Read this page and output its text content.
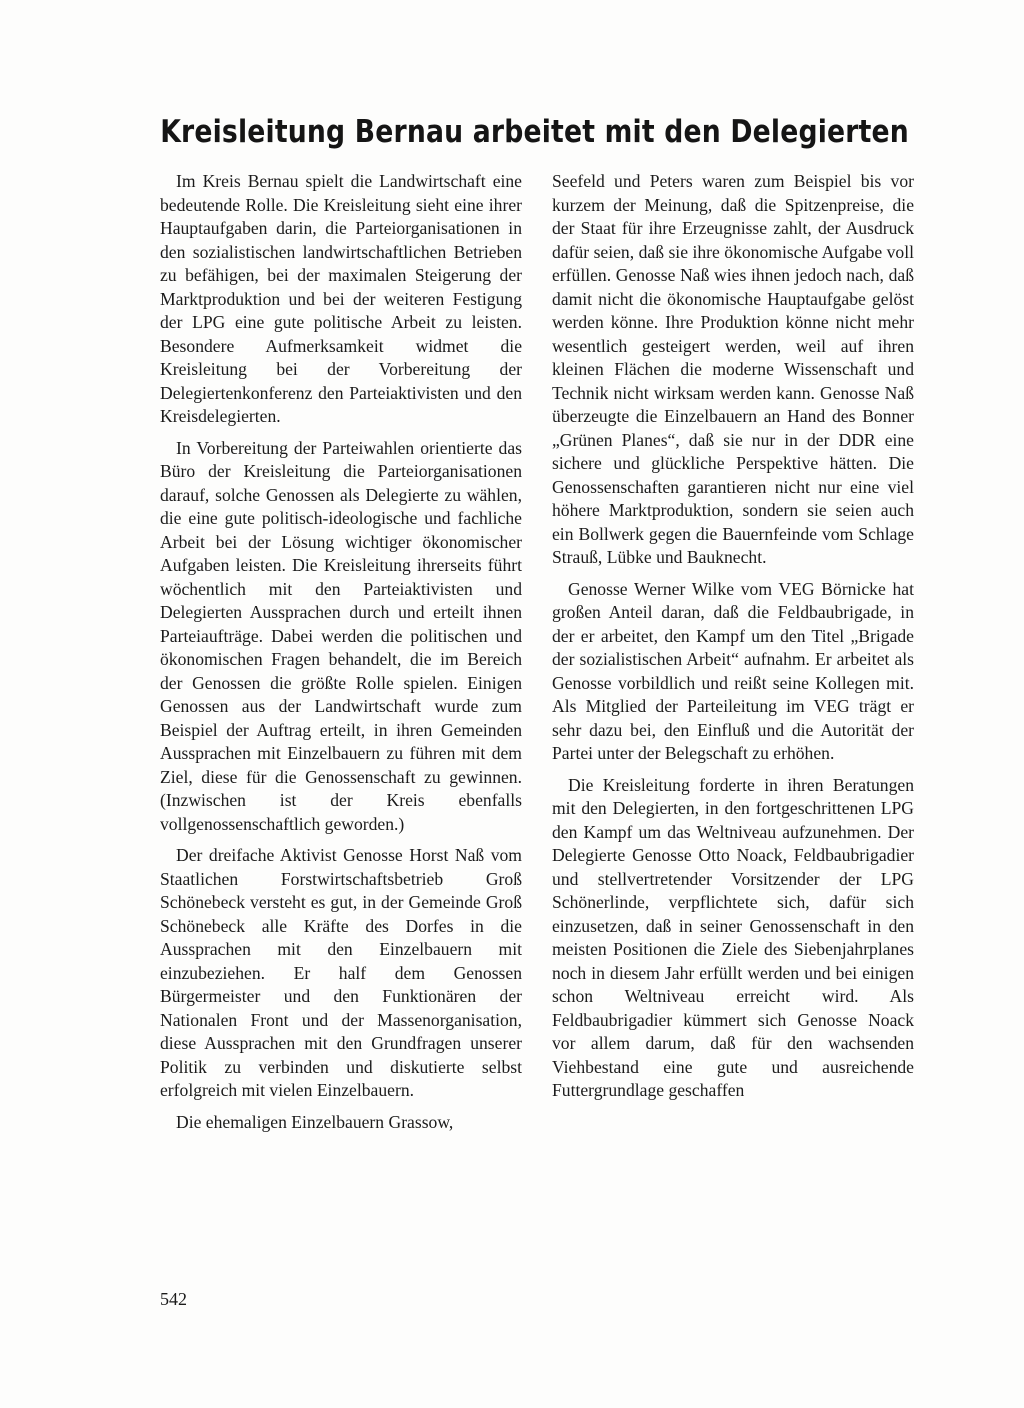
Kreisleitung Bernau arbeitet mit den Delegierten

Im Kreis Bernau spielt die Landwirtschaft eine bedeutende Rolle. Die Kreisleitung sieht eine ihrer Hauptaufgaben darin, die Parteiorganisationen in den sozialistischen landwirtschaftlichen Betrieben zu befähigen, bei der maximalen Steigerung der Marktproduktion und bei der weiteren Festigung der LPG eine gute politische Arbeit zu leisten. Besondere Aufmerksamkeit widmet die Kreisleitung bei der Vorbereitung der Delegiertenkonferenz den Parteiaktivisten und den Kreisdelegierten.

In Vorbereitung der Parteiwahlen orientierte das Büro der Kreisleitung die Parteiorganisationen darauf, solche Genossen als Delegierte zu wählen, die eine gute politisch-ideologische und fachliche Arbeit bei der Lösung wichtiger ökonomischer Aufgaben leisten. Die Kreisleitung ihrerseits führt wöchentlich mit den Parteiaktivisten und Delegierten Aussprachen durch und erteilt ihnen Parteiaufträge. Dabei werden die politischen und ökonomischen Fragen behandelt, die im Bereich der Genossen die größte Rolle spielen. Einigen Genossen aus der Landwirtschaft wurde zum Beispiel der Auftrag erteilt, in ihren Gemeinden Aussprachen mit Einzelbauern zu führen mit dem Ziel, diese für die Genossenschaft zu gewinnen. (Inzwischen ist der Kreis ebenfalls vollgenossenschaftlich geworden.)

Der dreifache Aktivist Genosse Horst Naß vom Staatlichen Forstwirtschaftsbetrieb Groß Schönebeck versteht es gut, in der Gemeinde Groß Schönebeck alle Kräfte des Dorfes in die Aussprachen mit den Einzelbauern mit einzubeziehen. Er half dem Genossen Bürgermeister und den Funktionären der Nationalen Front und der Massenorganisation, diese Aussprachen mit den Grundfragen unserer Politik zu verbinden und diskutierte selbst erfolgreich mit vielen Einzelbauern.

Die ehemaligen Einzelbauern Grassow,

Seefeld und Peters waren zum Beispiel bis vor kurzem der Meinung, daß die Spitzenpreise, die der Staat für ihre Erzeugnisse zahlt, der Ausdruck dafür seien, daß sie ihre ökonomische Aufgabe voll erfüllen. Genosse Naß wies ihnen jedoch nach, daß damit nicht die ökonomische Hauptaufgabe gelöst werden könne. Ihre Produktion könne nicht mehr wesentlich gesteigert werden, weil auf ihren kleinen Flächen die moderne Wissenschaft und Technik nicht wirksam werden kann. Genosse Naß überzeugte die Einzelbauern an Hand des Bonner „Grünen Planes“, daß sie nur in der DDR eine sichere und glückliche Perspektive hätten. Die Genossenschaften garantieren nicht nur eine viel höhere Marktproduktion, sondern sie seien auch ein Bollwerk gegen die Bauernfeinde vom Schlage Strauß, Lübke und Bauknecht.

Genosse Werner Wilke vom VEG Börnicke hat großen Anteil daran, daß die Feldbaubrigade, in der er arbeitet, den Kampf um den Titel „Brigade der sozialistischen Arbeit“ aufnahm. Er arbeitet als Genosse vorbildlich und reißt seine Kollegen mit. Als Mitglied der Parteileitung im VEG trägt er sehr dazu bei, den Einfluß und die Autorität der Partei unter der Belegschaft zu erhöhen.

Die Kreisleitung forderte in ihren Beratungen mit den Delegierten, in den fortgeschrittenen LPG den Kampf um das Weltniveau aufzunehmen. Der Delegierte Genosse Otto Noack, Feldbaubrigadier und stellvertretender Vorsitzender der LPG Schönerlinde, verpflichtete sich, dafür sich einzusetzen, daß in seiner Genossenschaft in den meisten Positionen die Ziele des Siebenjahrplanes noch in diesem Jahr erfüllt werden und bei einigen schon Weltniveau erreicht wird. Als Feldbaubrigadier kümmert sich Genosse Noack vor allem darum, daß für den wachsenden Viehbestand eine gute und ausreichende Futtergrundlage geschaffen

542
